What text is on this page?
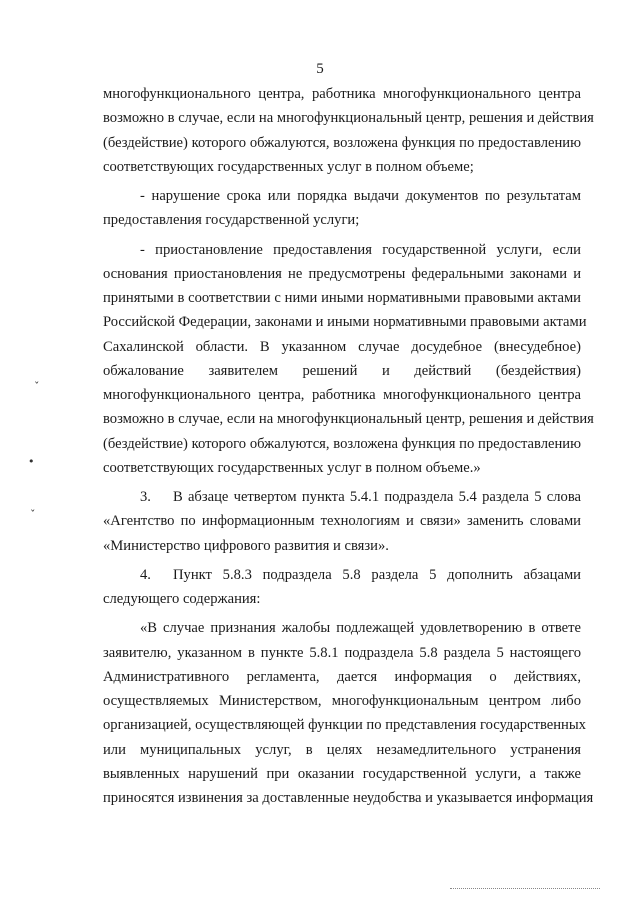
5
ˇ
•
ˇ
многофункционального центра, работника многофункционального центра
возможно в случае, если на многофункциональный центр, решения и действия
(бездействие) которого обжалуются, возложена функция по предоставлению
соответствующих государственных услуг в полном объеме;
- нарушение срока или порядка выдачи документов по результатам
предоставления государственной услуги;
- приостановление предоставления государственной услуги, если
основания приостановления не предусмотрены федеральными законами и
принятыми в соответствии с ними иными нормативными правовыми актами
Российской Федерации, законами и иными нормативными правовыми актами
Сахалинской области. В указанном случае досудебное (внесудебное)
обжалование заявителем решений и действий (бездействия)
многофункционального центра, работника многофункционального центра
возможно в случае, если на многофункциональный центр, решения и действия
(бездействие) которого обжалуются, возложена функция по предоставлению
соответствующих государственных услуг в полном объеме.»
3.	В абзаце четвертом пункта 5.4.1 подраздела 5.4 раздела 5 слова
«Агентство по информационным технологиям и связи» заменить словами
«Министерство цифрового развития и связи».
4.	Пункт 5.8.3 подраздела 5.8 раздела 5 дополнить абзацами
следующего содержания:
«В случае признания жалобы подлежащей удовлетворению в ответе
заявителю, указанном в пункте 5.8.1 подраздела 5.8 раздела 5 настоящего
Административного регламента, дается информация о действиях,
осуществляемых Министерством, многофункциональным центром либо
организацией, осуществляющей функции по представления государственных
или муниципальных услуг, в целях незамедлительного устранения
выявленных нарушений при оказании государственной услуги, а также
приносятся извинения за доставленные неудобства и указывается информация
